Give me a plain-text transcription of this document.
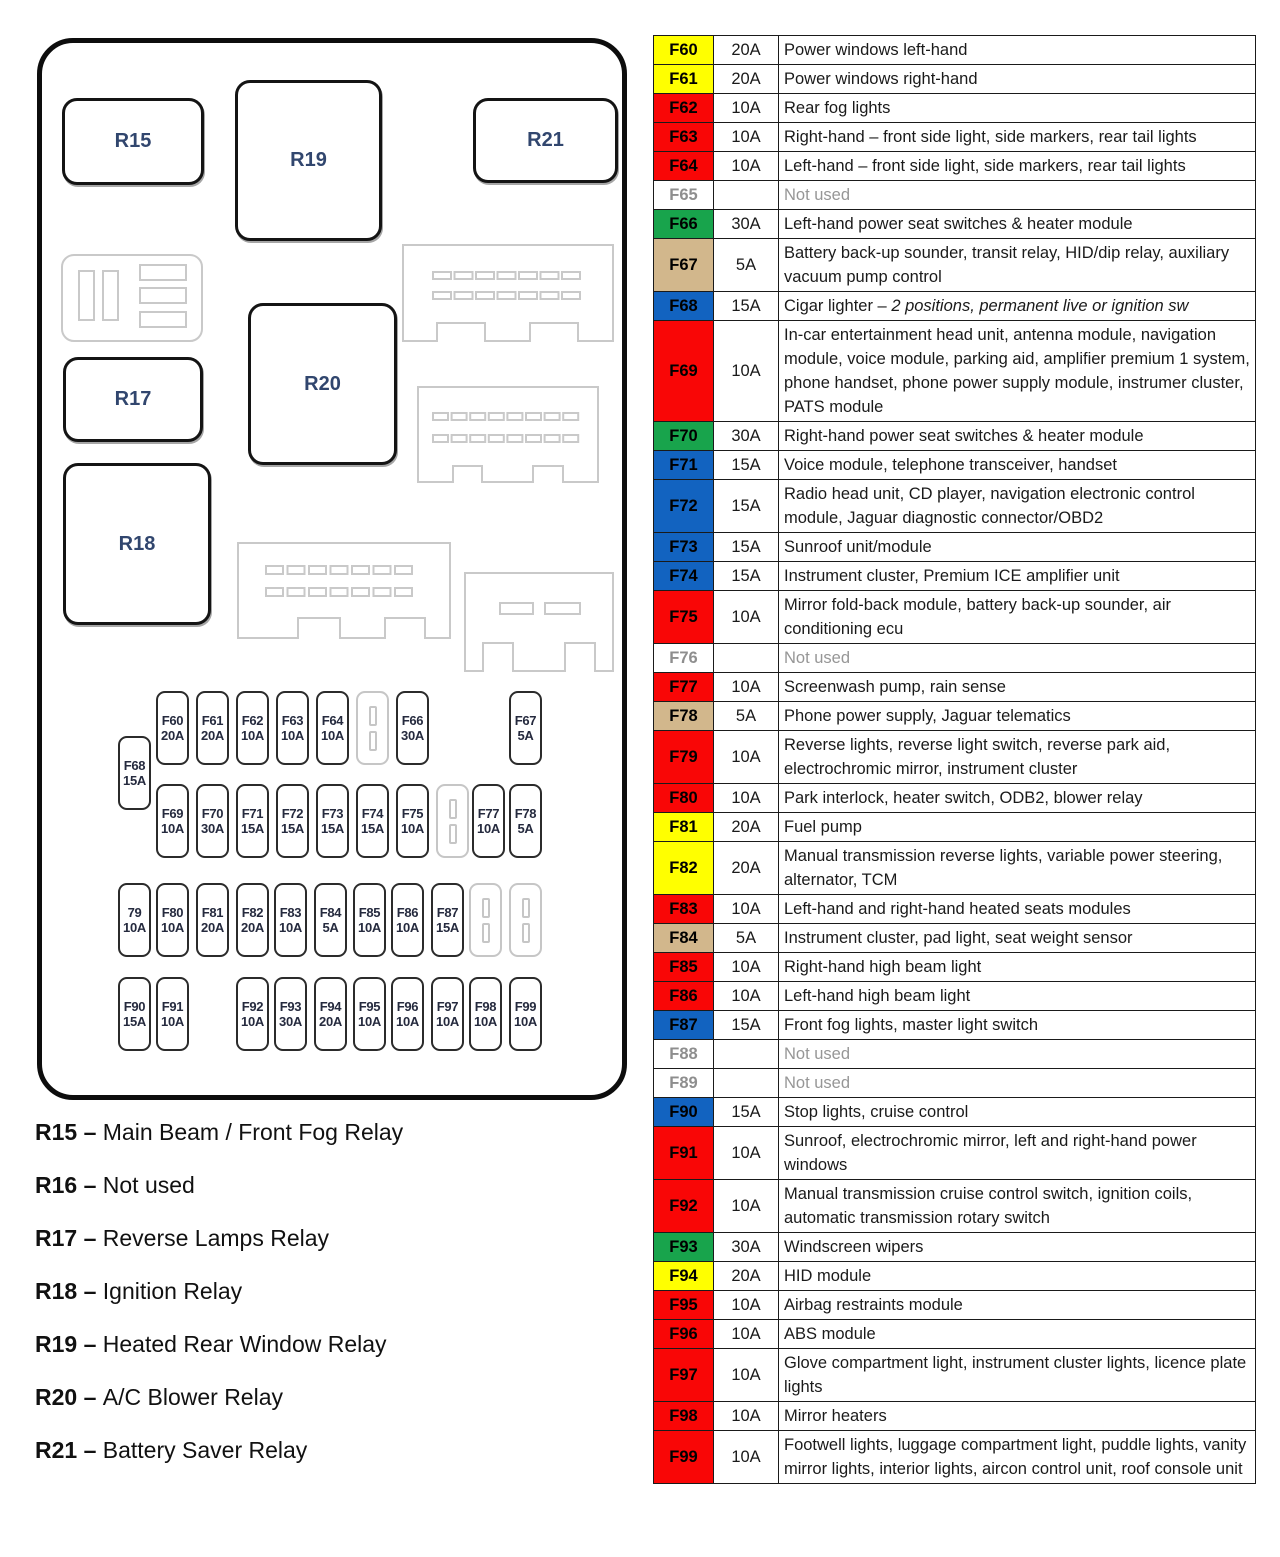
R15
R19
R21
R17
R20
R18
F68
15A
F60
20A
F61
20A
F62
10A
F63
10A
F64
10A
F66
30A
F67
5A
F69
10A
F70
30A
F71
15A
F72
15A
F73
15A
F74
15A
F75
10A
F77
10A
F78
5A
79
10A
F80
10A
F81
20A
F82
20A
F83
10A
F84
5A
F85
10A
F86
10A
F87
15A
F90
15A
F91
10A
F92
10A
F93
30A
F94
20A
F95
10A
F96
10A
F97
10A
F98
10A
F99
10A
R15 – Main Beam / Front Fog Relay
R16 – Not used
R17 – Reverse Lamps Relay
R18 – Ignition Relay
R19 – Heated Rear Window Relay
R20 – A/C Blower Relay
R21 – Battery Saver Relay
F60	20A	Power windows left-hand
F61	20A	Power windows right-hand
F62	10A	Rear fog lights
F63	10A	Right-hand – front side light, side markers, rear tail lights
F64	10A	Left-hand – front side light, side markers, rear tail lights
F65		Not used
F66	30A	Left-hand power seat switches & heater module
F67	5A	Battery back-up sounder, transit relay, HID/dip relay, auxiliary vacuum pump control
F68	15A	Cigar lighter – 2 positions, permanent live or ignition sw
F69	10A	In-car entertainment head unit, antenna module, navigation module, voice module, parking aid, amplifier premium 1 system, phone handset, phone power supply module, instrumer cluster, PATS module
F70	30A	Right-hand power seat switches & heater module
F71	15A	Voice module, telephone transceiver, handset
F72	15A	Radio head unit, CD player, navigation electronic control module, Jaguar diagnostic connector/OBD2
F73	15A	Sunroof unit/module
F74	15A	Instrument cluster, Premium ICE amplifier unit
F75	10A	Mirror fold-back module, battery back-up sounder, air conditioning ecu
F76		Not used
F77	10A	Screenwash pump, rain sense
F78	5A	Phone power supply, Jaguar telematics
F79	10A	Reverse lights, reverse light switch, reverse park aid, electrochromic mirror, instrument cluster
F80	10A	Park interlock, heater switch, ODB2, blower relay
F81	20A	Fuel pump
F82	20A	Manual transmission reverse lights, variable power steering, alternator, TCM
F83	10A	Left-hand and right-hand heated seats modules
F84	5A	Instrument cluster, pad light, seat weight sensor
F85	10A	Right-hand high beam light
F86	10A	Left-hand high beam light
F87	15A	Front fog lights, master light switch
F88		Not used
F89		Not used
F90	15A	Stop lights, cruise control
F91	10A	Sunroof, electrochromic mirror, left and right-hand power windows
F92	10A	Manual transmission cruise control switch, ignition coils, automatic transmission rotary switch
F93	30A	Windscreen wipers
F94	20A	HID module
F95	10A	Airbag restraints module
F96	10A	ABS module
F97	10A	Glove compartment light, instrument cluster lights, licence plate lights
F98	10A	Mirror heaters
F99	10A	Footwell lights, luggage compartment light, puddle lights, vanity mirror lights, interior lights, aircon control unit, roof console unit
